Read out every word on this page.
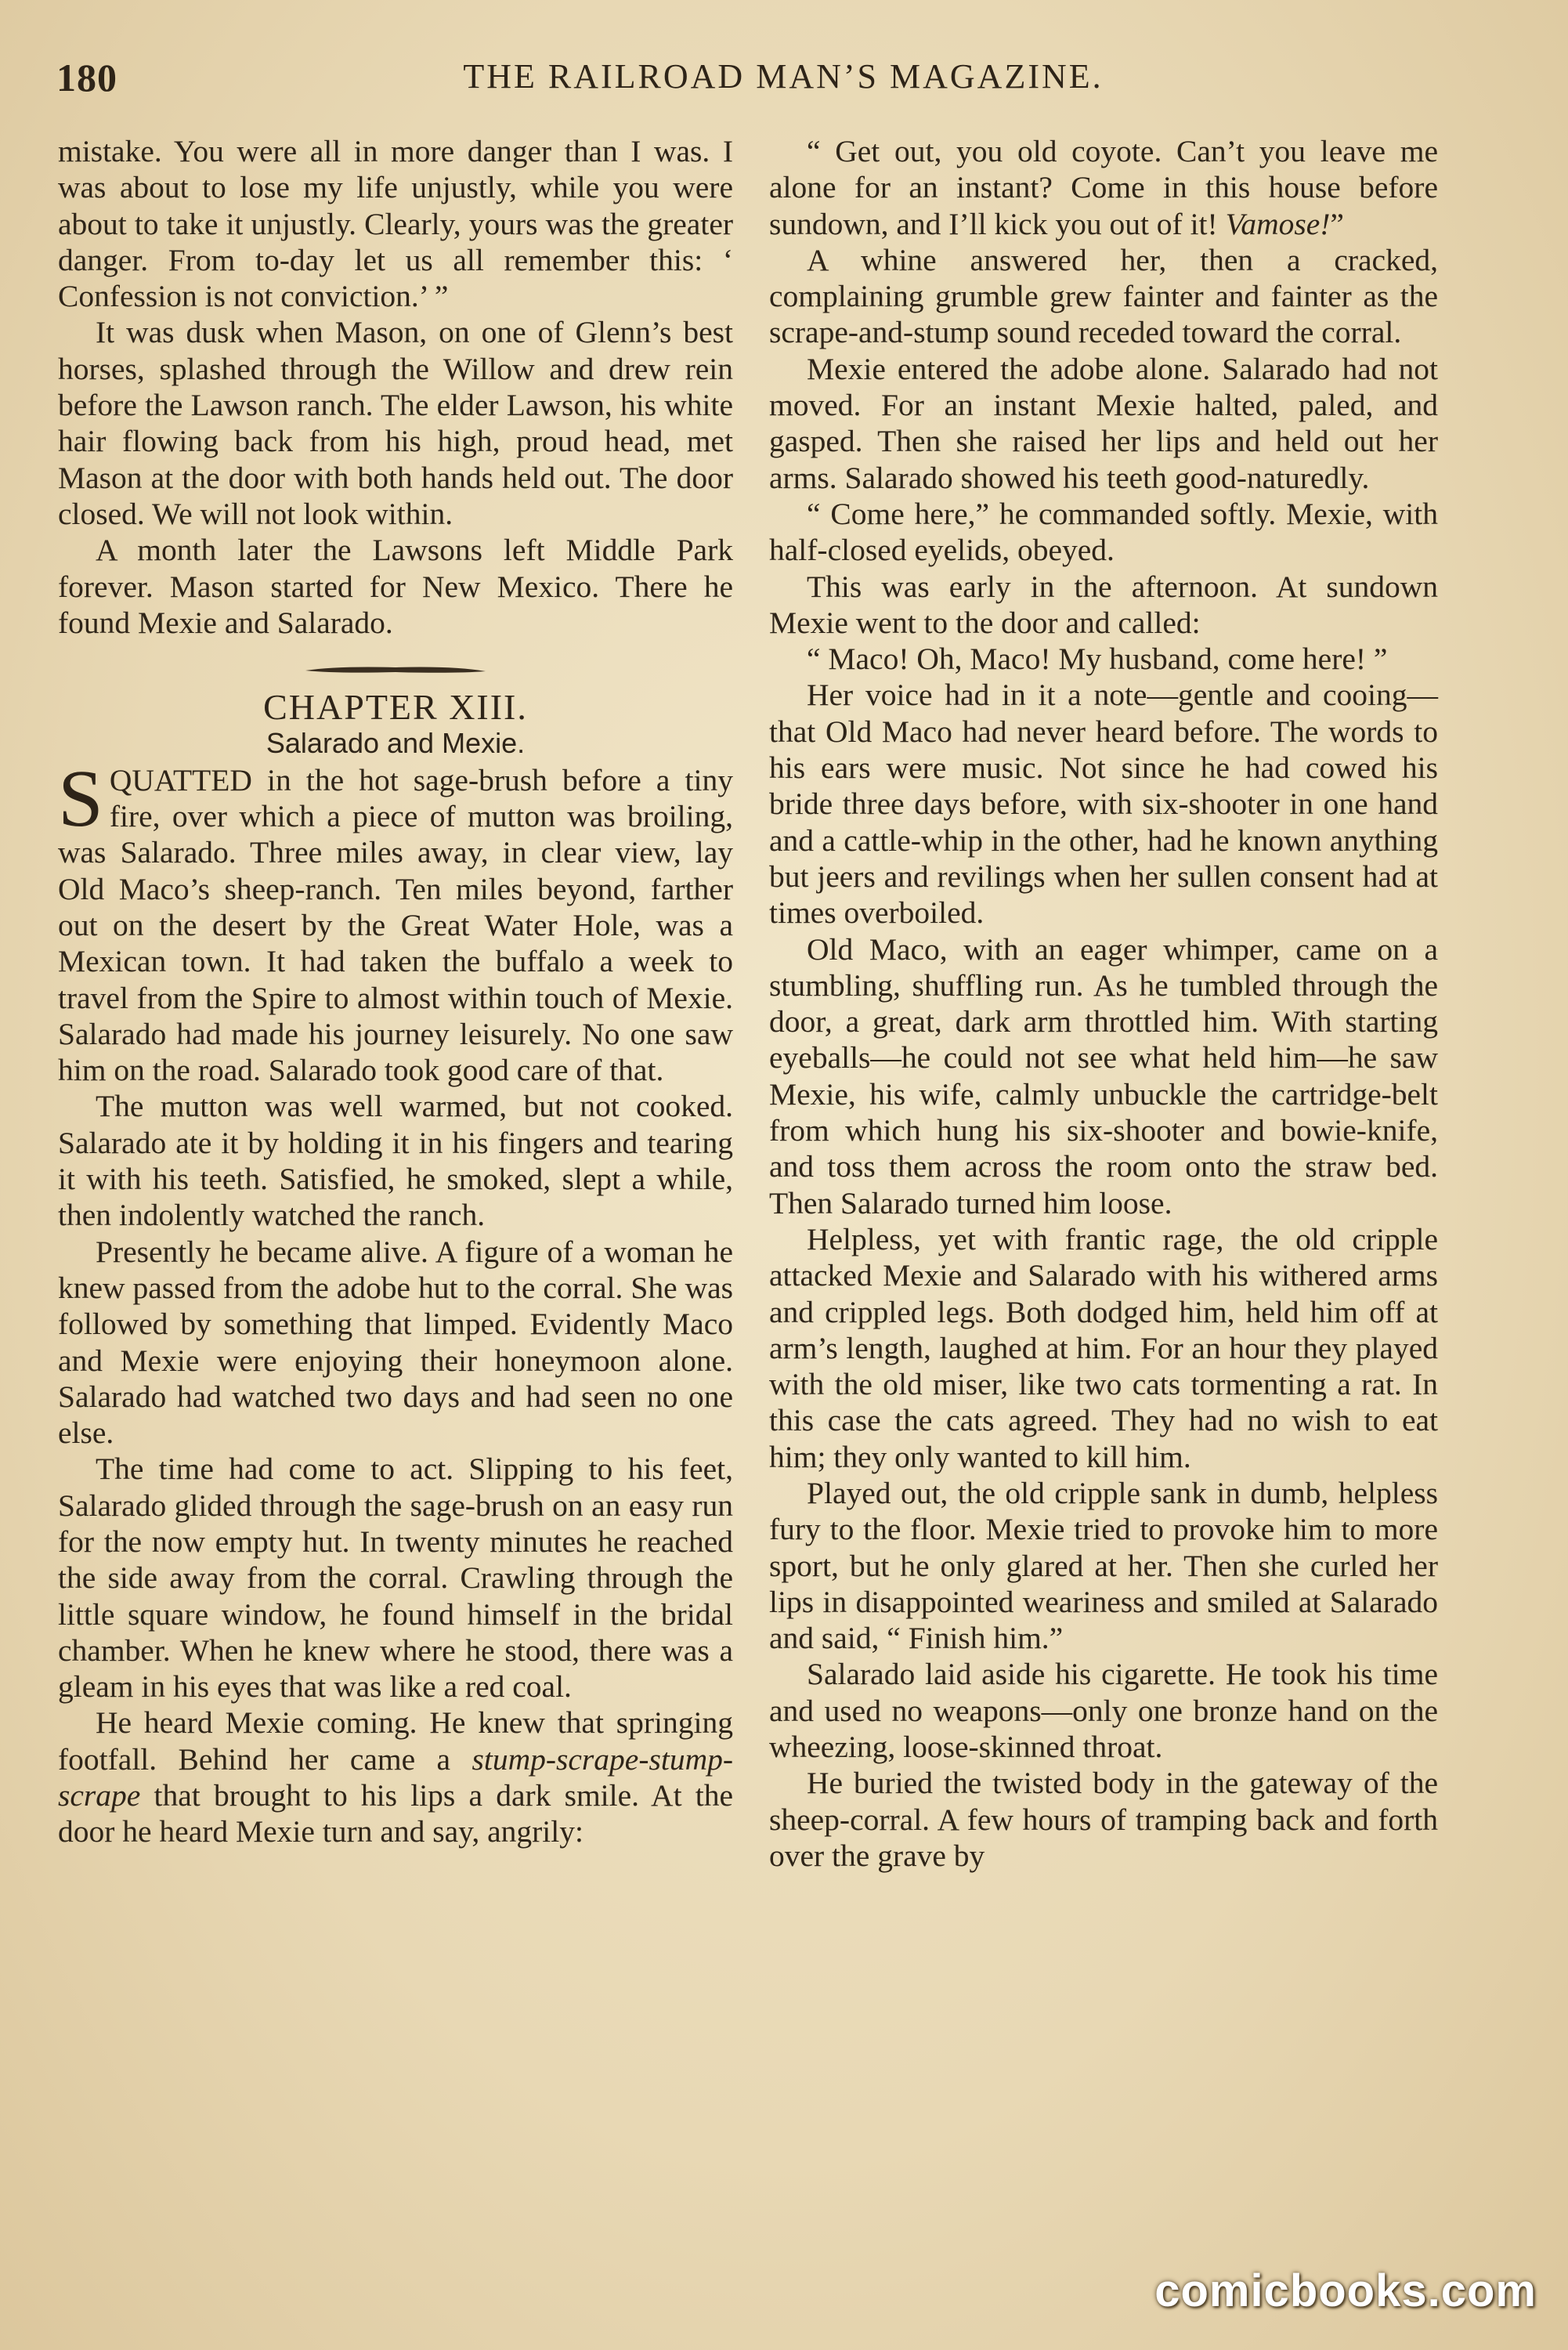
180	THE RAILROAD MAN’S MAGAZINE.

mistake. You were all in more danger than I was. I was about to lose my life unjustly, while you were about to take it unjustly. Clearly, yours was the greater danger. From to-day let us all remember this: ‘ Confession is not conviction.’ ”

It was dusk when Mason, on one of Glenn’s best horses, splashed through the Willow and drew rein before the Lawson ranch. The elder Lawson, his white hair flowing back from his high, proud head, met Mason at the door with both hands held out. The door closed. We will not look within.

A month later the Lawsons left Middle Park forever. Mason started for New Mexico. There he found Mexie and Salarado.

CHAPTER XIII.

Salarado and Mexie.

SQUATTED in the hot sage-brush before a tiny fire, over which a piece of mutton was broiling, was Salarado. Three miles away, in clear view, lay Old Maco’s sheep-ranch. Ten miles beyond, farther out on the desert by the Great Water Hole, was a Mexican town. It had taken the buffalo a week to travel from the Spire to almost within touch of Mexie. Salarado had made his journey leisurely. No one saw him on the road. Salarado took good care of that.

The mutton was well warmed, but not cooked. Salarado ate it by holding it in his fingers and tearing it with his teeth. Satisfied, he smoked, slept a while, then indolently watched the ranch.

Presently he became alive. A figure of a woman he knew passed from the adobe hut to the corral. She was followed by something that limped. Evidently Maco and Mexie were enjoying their honeymoon alone. Salarado had watched two days and had seen no one else.

The time had come to act. Slipping to his feet, Salarado glided through the sage-brush on an easy run for the now empty hut. In twenty minutes he reached the side away from the corral. Crawling through the little square window, he found himself in the bridal chamber. When he knew where he stood, there was a gleam in his eyes that was like a red coal.

He heard Mexie coming. He knew that springing footfall. Behind her came a stump-scrape-stump-scrape that brought to his lips a dark smile. At the door he heard Mexie turn and say, angrily:

“ Get out, you old coyote. Can’t you leave me alone for an instant? Come in this house before sundown, and I’ll kick you out of it! Vamose!”

A whine answered her, then a cracked, complaining grumble grew fainter and fainter as the scrape-and-stump sound receded toward the corral.

Mexie entered the adobe alone. Salarado had not moved. For an instant Mexie halted, paled, and gasped. Then she raised her lips and held out her arms. Salarado showed his teeth good-naturedly.

“ Come here,” he commanded softly. Mexie, with half-closed eyelids, obeyed.

This was early in the afternoon. At sundown Mexie went to the door and called:

“ Maco! Oh, Maco! My husband, come here! ”

Her voice had in it a note—gentle and cooing—that Old Maco had never heard before. The words to his ears were music. Not since he had cowed his bride three days before, with six-shooter in one hand and a cattle-whip in the other, had he known anything but jeers and revilings when her sullen consent had at times overboiled.

Old Maco, with an eager whimper, came on a stumbling, shuffling run. As he tumbled through the door, a great, dark arm throttled him. With starting eyeballs—he could not see what held him—he saw Mexie, his wife, calmly unbuckle the cartridge-belt from which hung his six-shooter and bowie-knife, and toss them across the room onto the straw bed. Then Salarado turned him loose.

Helpless, yet with frantic rage, the old cripple attacked Mexie and Salarado with his withered arms and crippled legs. Both dodged him, held him off at arm’s length, laughed at him. For an hour they played with the old miser, like two cats tormenting a rat. In this case the cats agreed. They had no wish to eat him; they only wanted to kill him.

Played out, the old cripple sank in dumb, helpless fury to the floor. Mexie tried to provoke him to more sport, but he only glared at her. Then she curled her lips in disappointed weariness and smiled at Salarado and said, “ Finish him.”

Salarado laid aside his cigarette. He took his time and used no weapons—only one bronze hand on the wheezing, loose-skinned throat.

He buried the twisted body in the gateway of the sheep-corral. A few hours of tramping back and forth over the grave by

comicbooks.com
